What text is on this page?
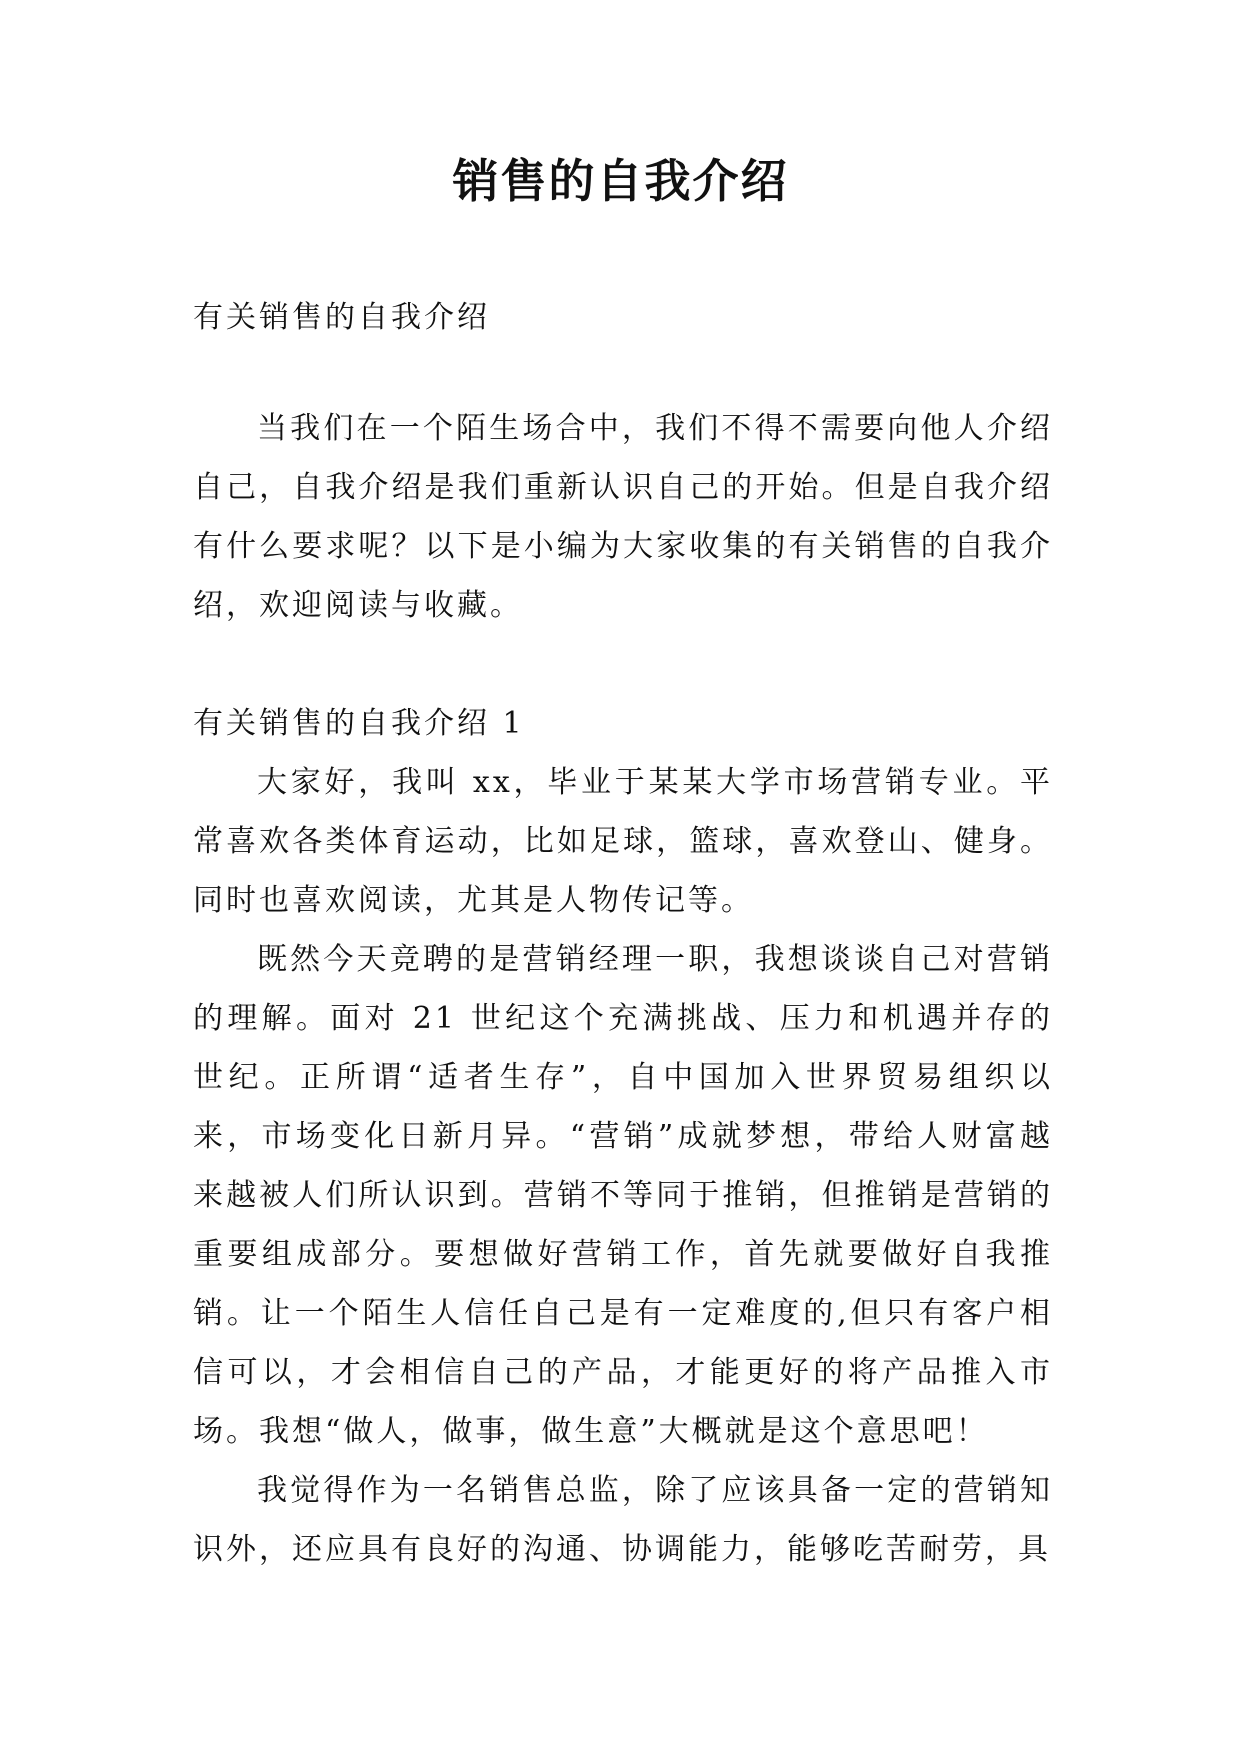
销售的自我介绍

有关销售的自我介绍

当我们在一个陌生场合中，我们不得不需要向他人介绍自己，自我介绍是我们重新认识自己的开始。但是自我介绍有什么要求呢？以下是小编为大家收集的有关销售的自我介绍，欢迎阅读与收藏。

有关销售的自我介绍 1

大家好，我叫 xx，毕业于某某大学市场营销专业。平常喜欢各类体育运动，比如足球，篮球，喜欢登山、健身。同时也喜欢阅读，尤其是人物传记等。

既然今天竞聘的是营销经理一职，我想谈谈自己对营销的理解。面对 21 世纪这个充满挑战、压力和机遇并存的世纪。正所谓“适者生存”，自中国加入世界贸易组织以来，市场变化日新月异。“营销”成就梦想，带给人财富越来越被人们所认识到。营销不等同于推销，但推销是营销的重要组成部分。要想做好营销工作，首先就要做好自我推销。让一个陌生人信任自己是有一定难度的,但只有客户相信可以，才会相信自己的产品，才能更好的将产品推入市场。我想“做人，做事，做生意”大概就是这个意思吧！

我觉得作为一名销售总监，除了应该具备一定的营销知识外，还应具有良好的沟通、协调能力，能够吃苦耐劳，具
